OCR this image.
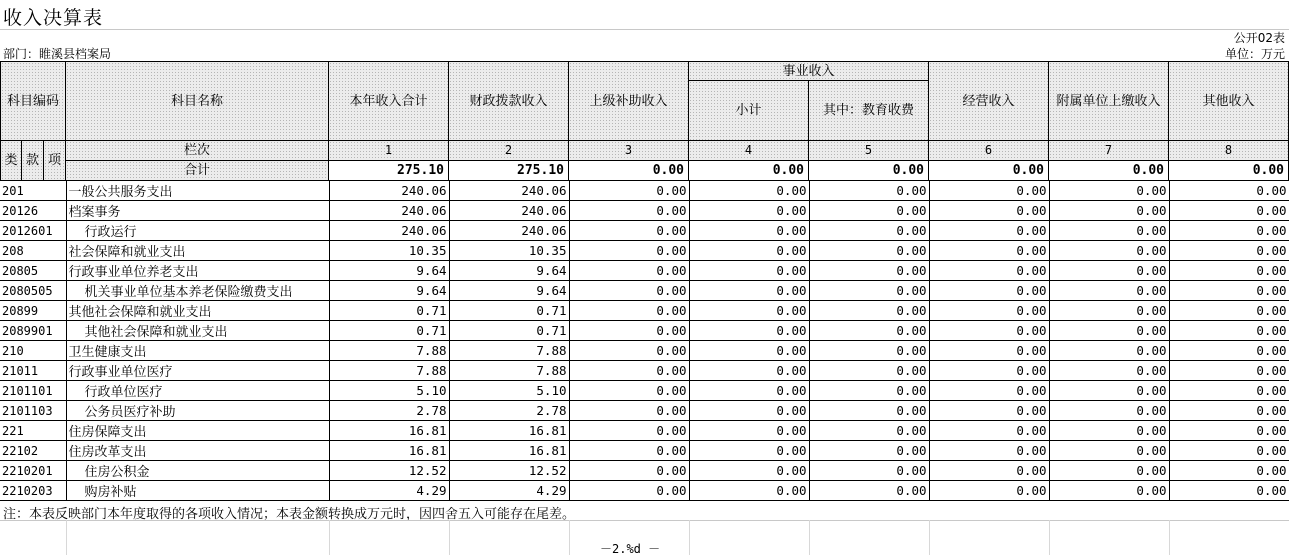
收入决算表
公开02表
部门：睢溪县档案局	单位：万元
科目编码	科目名称	本年收入合计	财政拨款收入	上级补助收入
事业收入
小计	其中：教育收费
经营收入	附属单位上缴收入	其他收入
类 款 项
栏次	1	2	3	4	5	6	7	8
合计	275.10	275.10	0.00	0.00	0.00	0.00	0.00	0.00
201	一般公共服务支出	240.06	240.06	0.00	0.00	0.00	0.00	0.00	0.00
20126	档案事务	240.06	240.06	0.00	0.00	0.00	0.00	0.00	0.00
2012601	行政运行	240.06	240.06	0.00	0.00	0.00	0.00	0.00	0.00
208	社会保障和就业支出	10.35	10.35	0.00	0.00	0.00	0.00	0.00	0.00
20805	行政事业单位养老支出	9.64	9.64	0.00	0.00	0.00	0.00	0.00	0.00
2080505	机关事业单位基本养老保险缴费支出	9.64	9.64	0.00	0.00	0.00	0.00	0.00	0.00
20899	其他社会保障和就业支出	0.71	0.71	0.00	0.00	0.00	0.00	0.00	0.00
2089901	其他社会保障和就业支出	0.71	0.71	0.00	0.00	0.00	0.00	0.00	0.00
210	卫生健康支出	7.88	7.88	0.00	0.00	0.00	0.00	0.00	0.00
21011	行政事业单位医疗	7.88	7.88	0.00	0.00	0.00	0.00	0.00	0.00
2101101	行政单位医疗	5.10	5.10	0.00	0.00	0.00	0.00	0.00	0.00
2101103	公务员医疗补助	2.78	2.78	0.00	0.00	0.00	0.00	0.00	0.00
221	住房保障支出	16.81	16.81	0.00	0.00	0.00	0.00	0.00	0.00
22102	住房改革支出	16.81	16.81	0.00	0.00	0.00	0.00	0.00	0.00
2210201	住房公积金	12.52	12.52	0.00	0.00	0.00	0.00	0.00	0.00
2210203	购房补贴	4.29	4.29	0.00	0.00	0.00	0.00	0.00	0.00
注：本表反映部门本年度取得的各项收入情况；本表金额转换成万元时，因四舍五入可能存在尾差。
－2.%d －
